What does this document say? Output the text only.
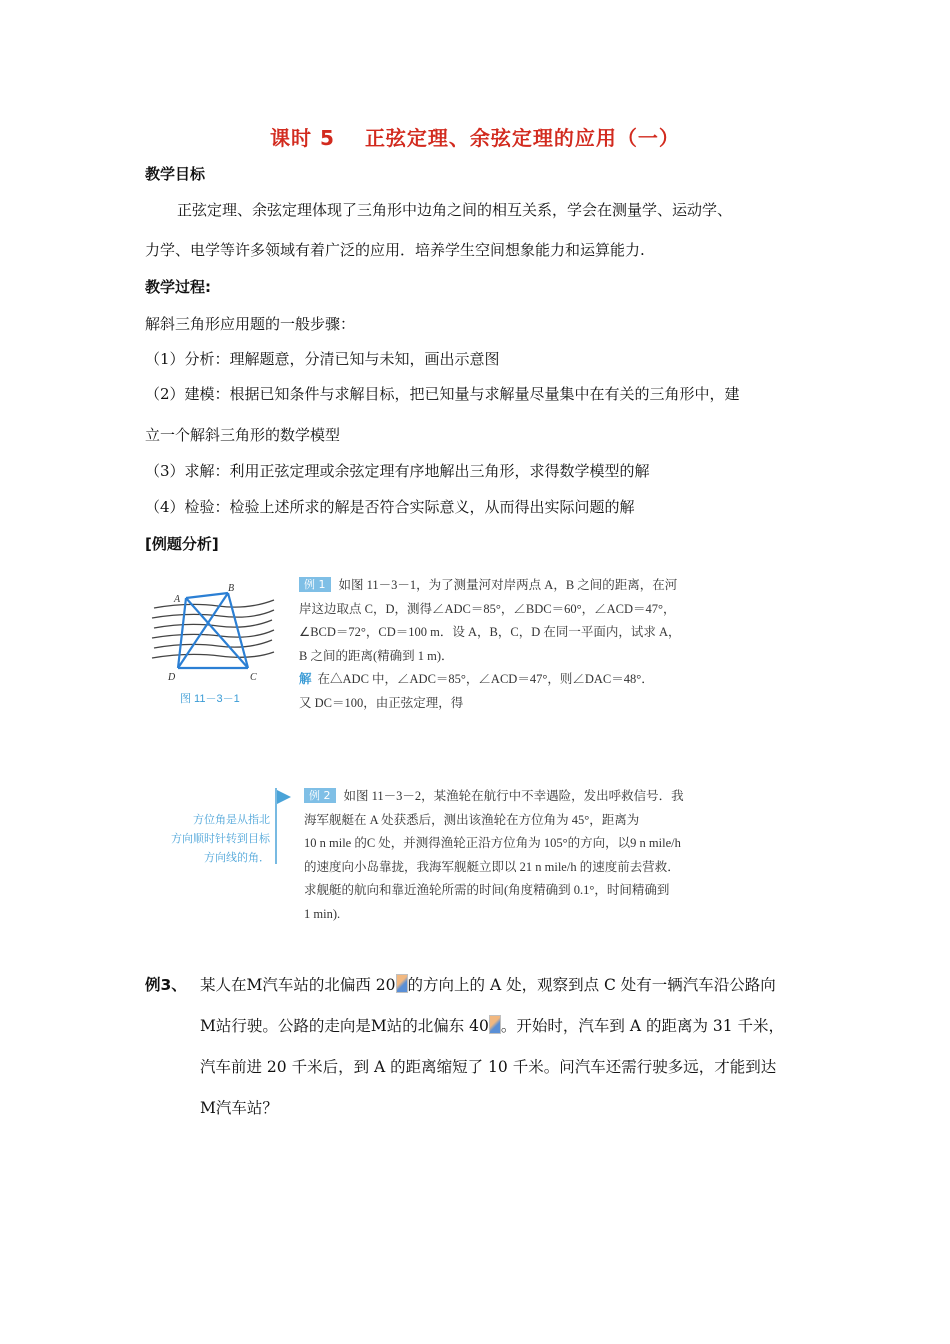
课时 5 正弦定理、余弦定理的应用（一）
教学目标
正弦定理、余弦定理体现了三角形中边角之间的相互关系，学会在测量学、运动学、
力学、电学等许多领域有着广泛的应用．培养学生空间想象能力和运算能力.
教学过程:
解斜三角形应用题的一般步骤：
（1）分析：理解题意，分清已知与未知，画出示意图
（2）建模：根据已知条件与求解目标，把已知量与求解量尽量集中在有关的三角形中，建
立一个解斜三角形的数学模型
（3）求解：利用正弦定理或余弦定理有序地解出三角形，求得数学模型的解
（4）检验：检验上述所求的解是否符合实际意义，从而得出实际问题的解
[例题分析]
A
B
D	C
图 11－3－1
例 1 如图 11－3－1，为了测量河对岸两点 A，B 之间的距离，在河
岸这边取点 C，D，测得∠ADC＝85°，∠BDC＝60°，∠ACD＝47°，
∠BCD＝72°，CD＝100 m．设 A，B，C，D 在同一平面内，试求 A，
B 之间的距离(精确到 1 m)．
解 在△ADC 中，∠ADC＝85°，∠ACD＝47°，则∠DAC＝48°．
又 DC＝100，由正弦定理，得
方位角是从指北
方向顺时针转到目标
方向线的角．
例 2 如图 11－3－2，某渔轮在航行中不幸遇险，发出呼救信号．我
海军舰艇在 A 处获悉后，测出该渔轮在方位角为 45°，距离为
10 n mile 的C 处，并测得渔轮正沿方位角为 105°的方向，以9 n mile/h
的速度向小岛靠拢，我海军舰艇立即以 21 n mile/h 的速度前去营救．
求舰艇的航向和靠近渔轮所需的时间(角度精确到 0.1°，时间精确到
1 min).
例3、 某人在M汽车站的北偏西 20 的方向上的 A 处，观察到点 C 处有一辆汽车沿公路向
M站行驶。公路的走向是M站的北偏东 40 。开始时，汽车到 A 的距离为 31 千米，
汽车前进 20 千米后，到 A 的距离缩短了 10 千米。问汽车还需行驶多远，才能到达
M汽车站？
